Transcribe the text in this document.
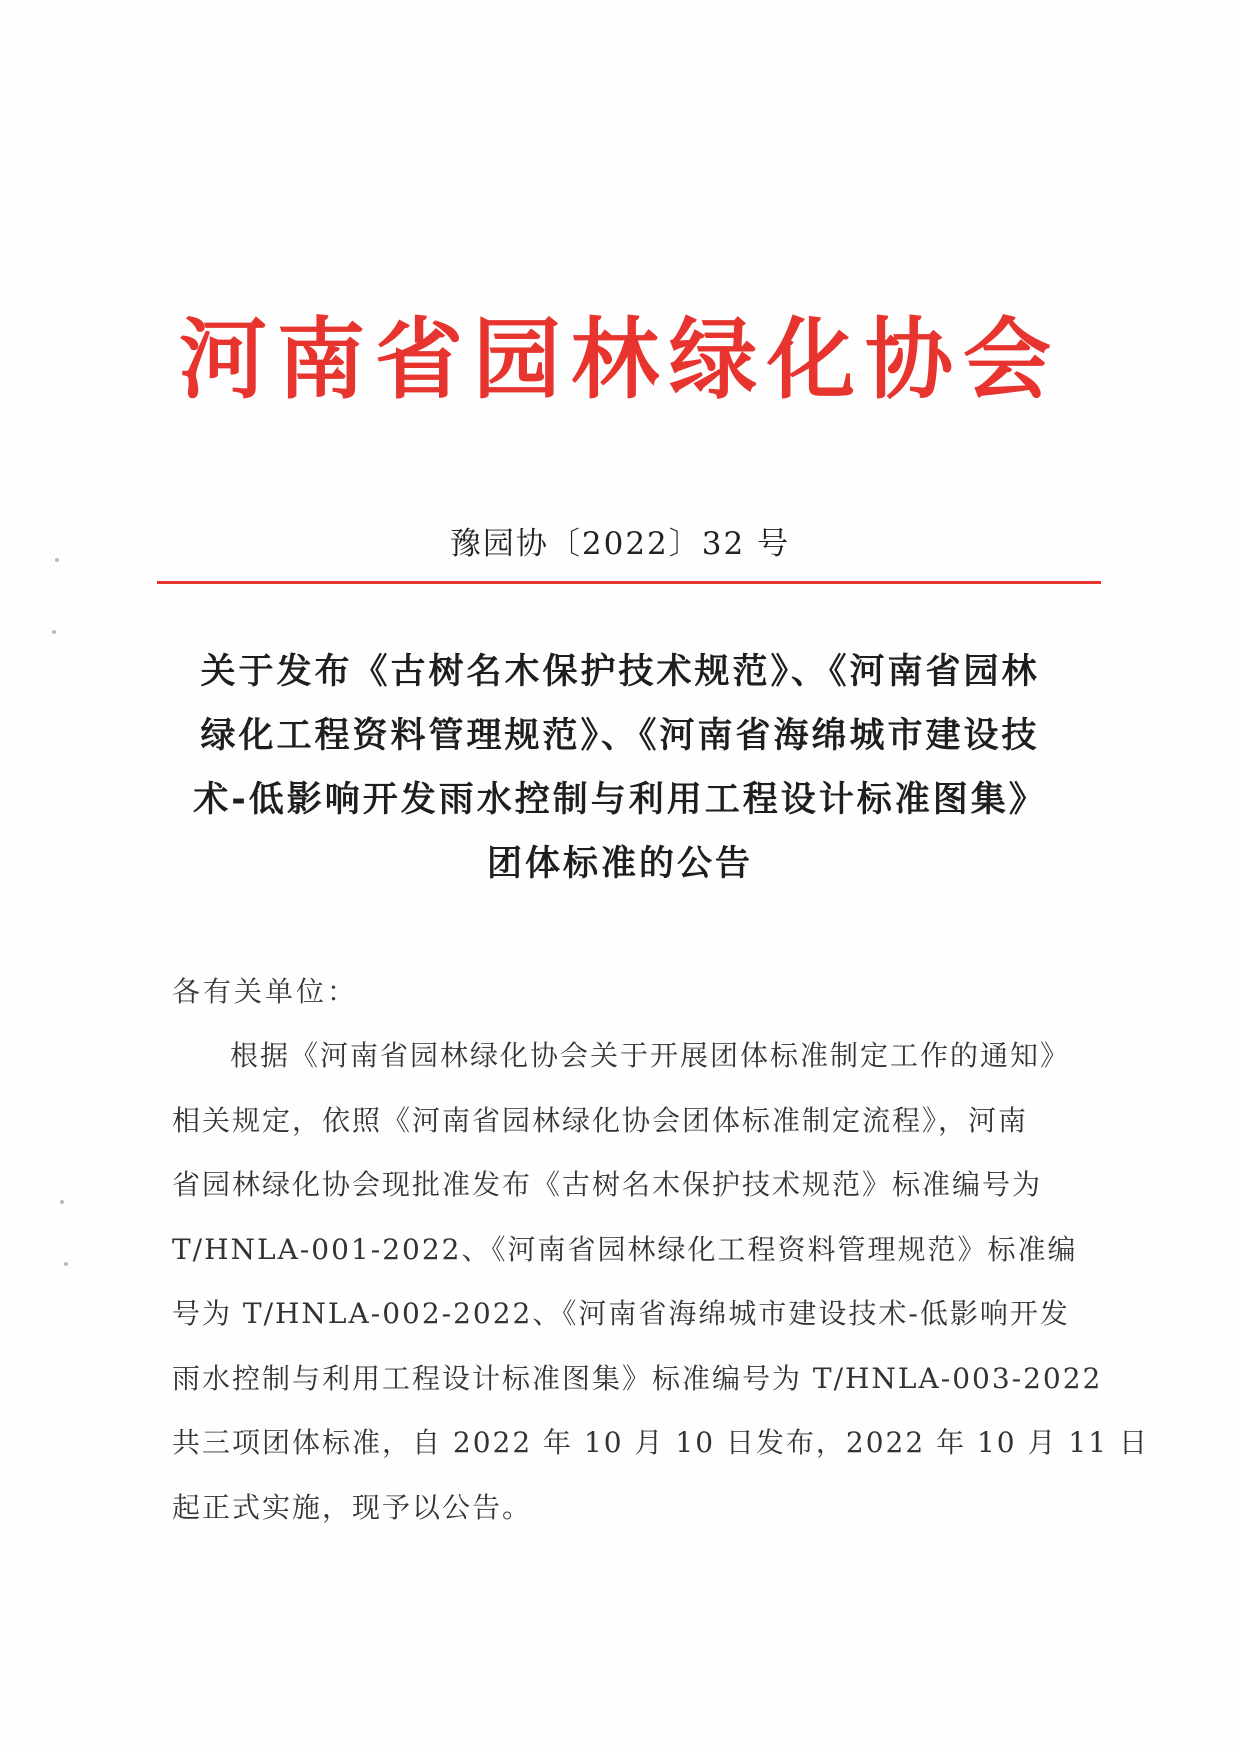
河南省园林绿化协会
豫园协〔2022〕32 号
关于发布《古树名木保护技术规范》、《河南省园林
绿化工程资料管理规范》、《河南省海绵城市建设技
术-低影响开发雨水控制与利用工程设计标准图集》
团体标准的公告
各有关单位：
根据《河南省园林绿化协会关于开展团体标准制定工作的通知》
相关规定，依照《河南省园林绿化协会团体标准制定流程》，河南
省园林绿化协会现批准发布《古树名木保护技术规范》标准编号为
T/HNLA-001-2022、《河南省园林绿化工程资料管理规范》标准编
号为 T/HNLA-002-2022、《河南省海绵城市建设技术-低影响开发
雨水控制与利用工程设计标准图集》标准编号为 T/HNLA-003-2022
共三项团体标准，自 2022 年 10 月 10 日发布，2022 年 10 月 11 日
起正式实施，现予以公告。
